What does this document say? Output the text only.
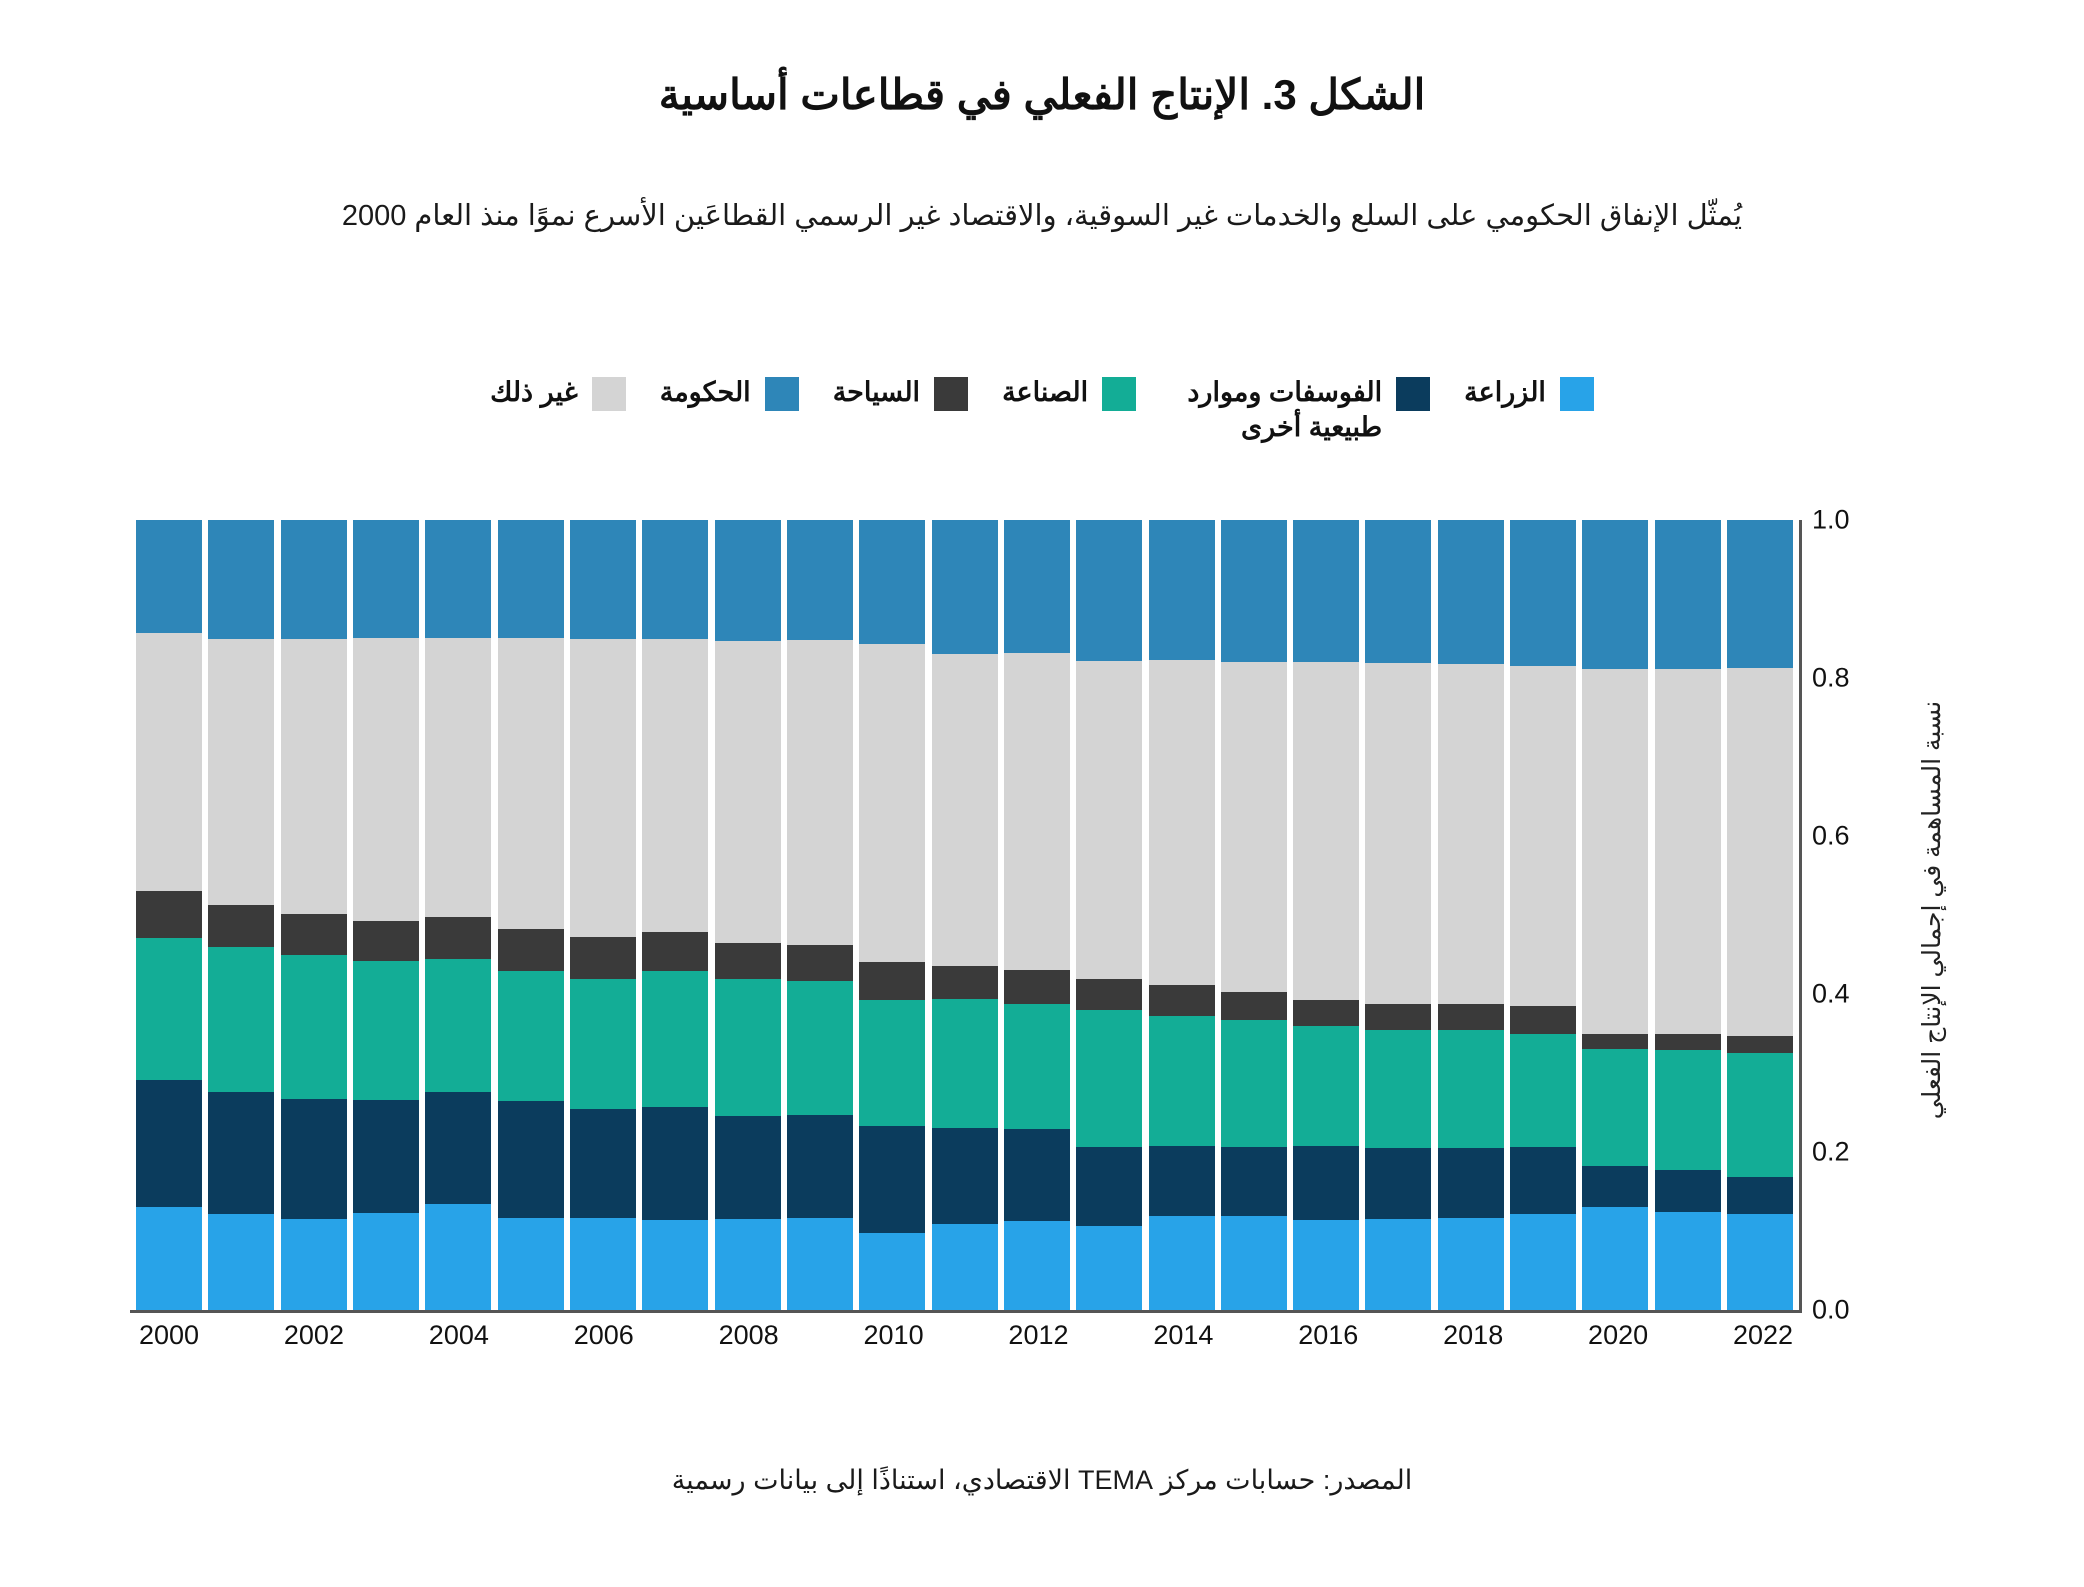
الشكل 3. الإنتاج الفعلي في قطاعات أساسية
يُمثّل الإنفاق الحكومي على السلع والخدمات غير السوقية، والاقتصاد غير الرسمي القطاعَين الأسرع نموًا منذ العام 2000
الزراعة
الفوسفات وموارد طبيعية أخرى
الصناعة
السياحة
الحكومة
غير ذلك
نسبة المساهمة في إجمالي الإنتاج الفعلي
0.0
0.2
0.4
0.6
0.8
1.0
2000	2002	2004	2006	2008	2010	2012	2014	2016	2018	2020	2022
المصدر: حسابات مركز TEMA الاقتصادي، استناذًا إلى بيانات رسمية
